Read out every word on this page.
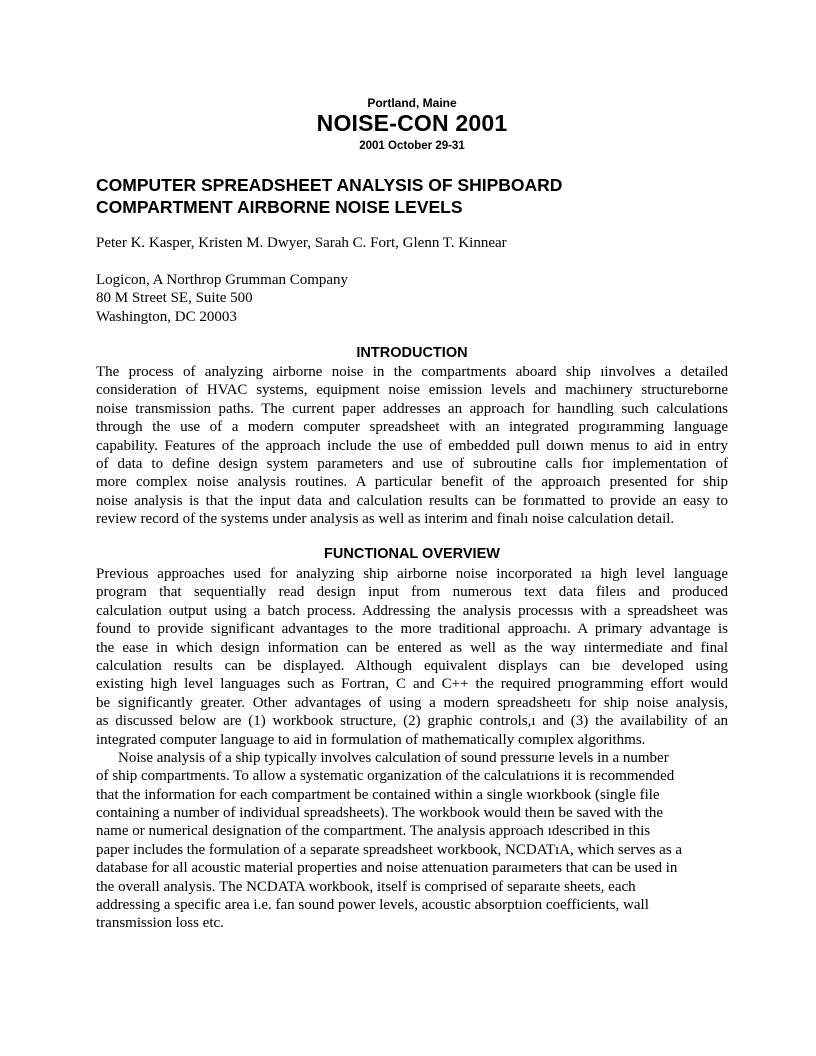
Portland, Maine
NOISE-CON 2001
2001 October 29-31
COMPUTER SPREADSHEET ANALYSIS OF SHIPBOARD
COMPARTMENT AIRBORNE NOISE LEVELS
Peter K. Kasper, Kristen M. Dwyer, Sarah C. Fort, Glenn T. Kinnear
Logicon, A Northrop Grumman Company
80 M Street SE, Suite 500
Washington, DC 20003
INTRODUCTION
The process of analyzing airborne noise in the compartments aboard ship ıinvolves a detailed
consideration of HVAC systems, equipment noise emission levels and machiınery structureborne
noise transmission paths. The current paper addresses an approach for haındling such calculations
through the use of a modern computer spreadsheet with an integrated progıramming language
capability. Features of the approach include the use of embedded pull doıwn menus to aid in entry
of data to define design system parameters and use of subroutine calls fıor implementation of
more complex noise analysis routines. A particular benefit of the approaıch presented for ship
noise analysis is that the input data and calculation results can be forımatted to provide an easy to
review record of the systems under analysis as well as interim and finalı noise calculation detail.
FUNCTIONAL OVERVIEW
Previous approaches used for analyzing ship airborne noise incorporated ıa high level language
program that sequentially read design input from numerous text data fileıs and produced
calculation output using a batch process. Addressing the analysis processıs with a spreadsheet was
found to provide significant advantages to the more traditional approachı. A primary advantage is
the ease in which design information can be entered as well as the way ıintermediate and final
calculation results can be displayed. Although equivalent displays can bıe developed using
existing high level languages such as Fortran, C and C++ the required prıogramming effort would
be significantly greater. Other advantages of using a modern spreadsheetı for ship noise analysis,
as discussed below are (1) workbook structure, (2) graphic controls,ı and (3) the availability of an
integrated computer language to aid in formulation of mathematically comıplex algorithms.
Noise analysis of a ship typically involves calculation of sound pressurıe levels in a number
of ship compartments. To allow a systematic organization of the calculatıions it is recommended
that the information for each compartment be contained within a single wıorkbook (single file
containing a number of individual spreadsheets). The workbook would theın be saved with the
name or numerical designation of the compartment. The analysis approach ıdescribed in this
paper includes the formulation of a separate spreadsheet workbook, NCDATıA, which serves as a
database for all acoustic material properties and noise attenuation paraımeters that can be used in
the overall analysis. The NCDATA workbook, itself is comprised of separaıte sheets, each
addressing a specific area i.e. fan sound power levels, acoustic absorptıion coefficients, wall
transmission loss etc.
